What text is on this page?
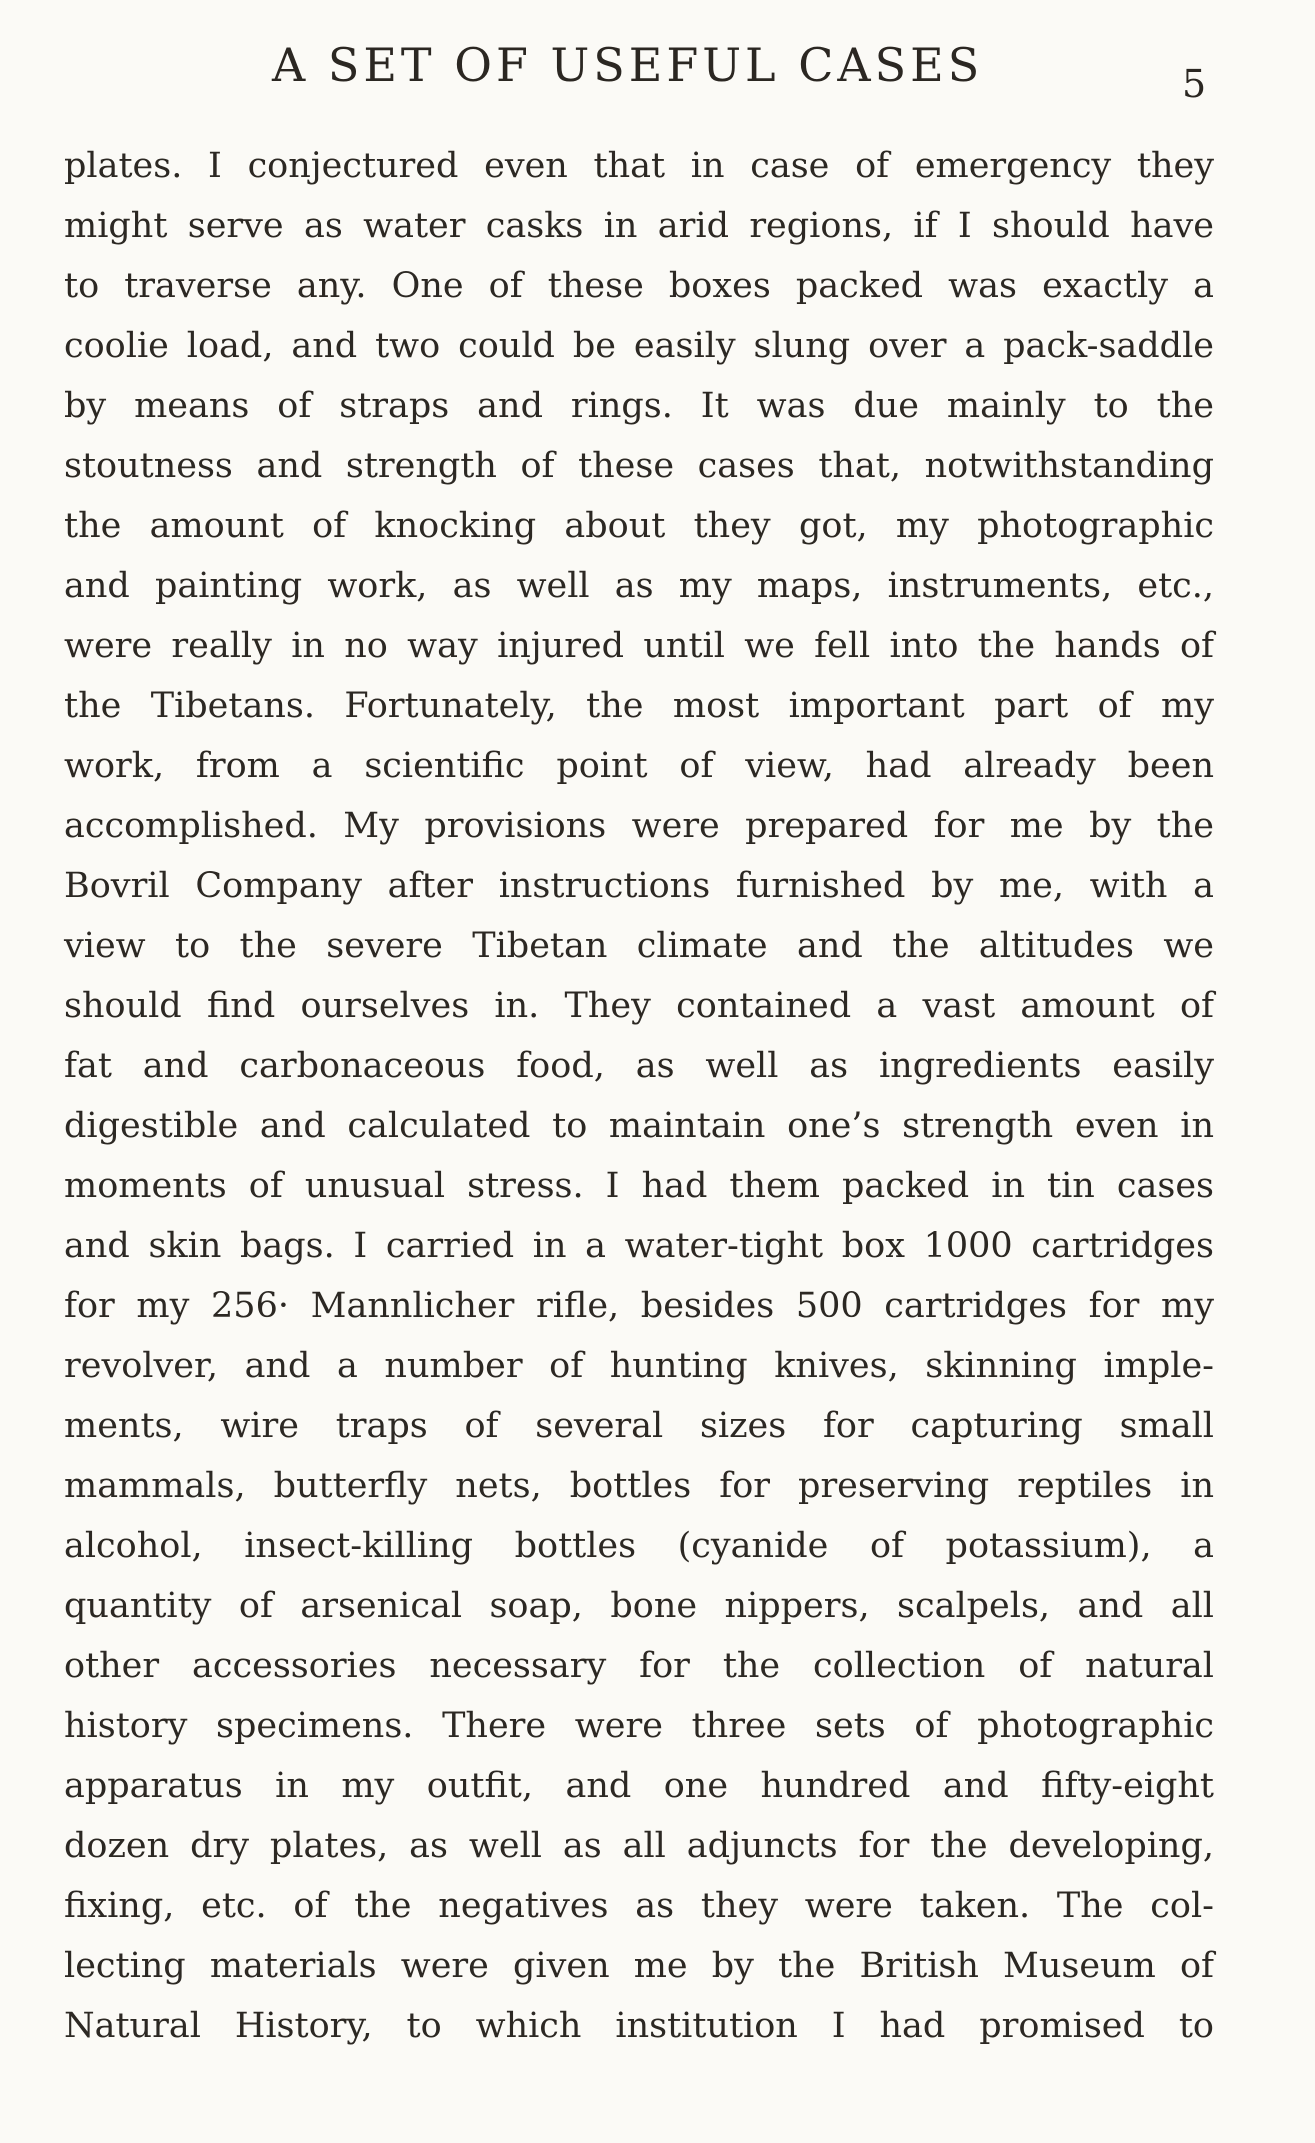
A SET OF USEFUL CASES	5
plates. I conjectured even that in case of emergency they
might serve as water casks in arid regions, if I should have
to traverse any. One of these boxes packed was exactly a
coolie load, and two could be easily slung over a pack-saddle
by means of straps and rings. It was due mainly to the
stoutness and strength of these cases that, notwithstanding
the amount of knocking about they got, my photographic
and painting work, as well as my maps, instruments, etc.,
were really in no way injured until we fell into the hands of
the Tibetans. Fortunately, the most important part of my
work, from a scientific point of view, had already been
accomplished. My provisions were prepared for me by the
Bovril Company after instructions furnished by me, with a
view to the severe Tibetan climate and the altitudes we
should find ourselves in. They contained a vast amount of
fat and carbonaceous food, as well as ingredients easily
digestible and calculated to maintain one’s strength even in
moments of unusual stress. I had them packed in tin cases
and skin bags. I carried in a water-tight box 1000 cartridges
for my 256· Mannlicher rifle, besides 500 cartridges for my
revolver, and a number of hunting knives, skinning imple-
ments, wire traps of several sizes for capturing small
mammals, butterfly nets, bottles for preserving reptiles in
alcohol, insect-killing bottles (cyanide of potassium), a
quantity of arsenical soap, bone nippers, scalpels, and all
other accessories necessary for the collection of natural
history specimens. There were three sets of photographic
apparatus in my outfit, and one hundred and fifty-eight
dozen dry plates, as well as all adjuncts for the developing,
fixing, etc. of the negatives as they were taken. The col-
lecting materials were given me by the British Museum of
Natural History, to which institution I had promised to
